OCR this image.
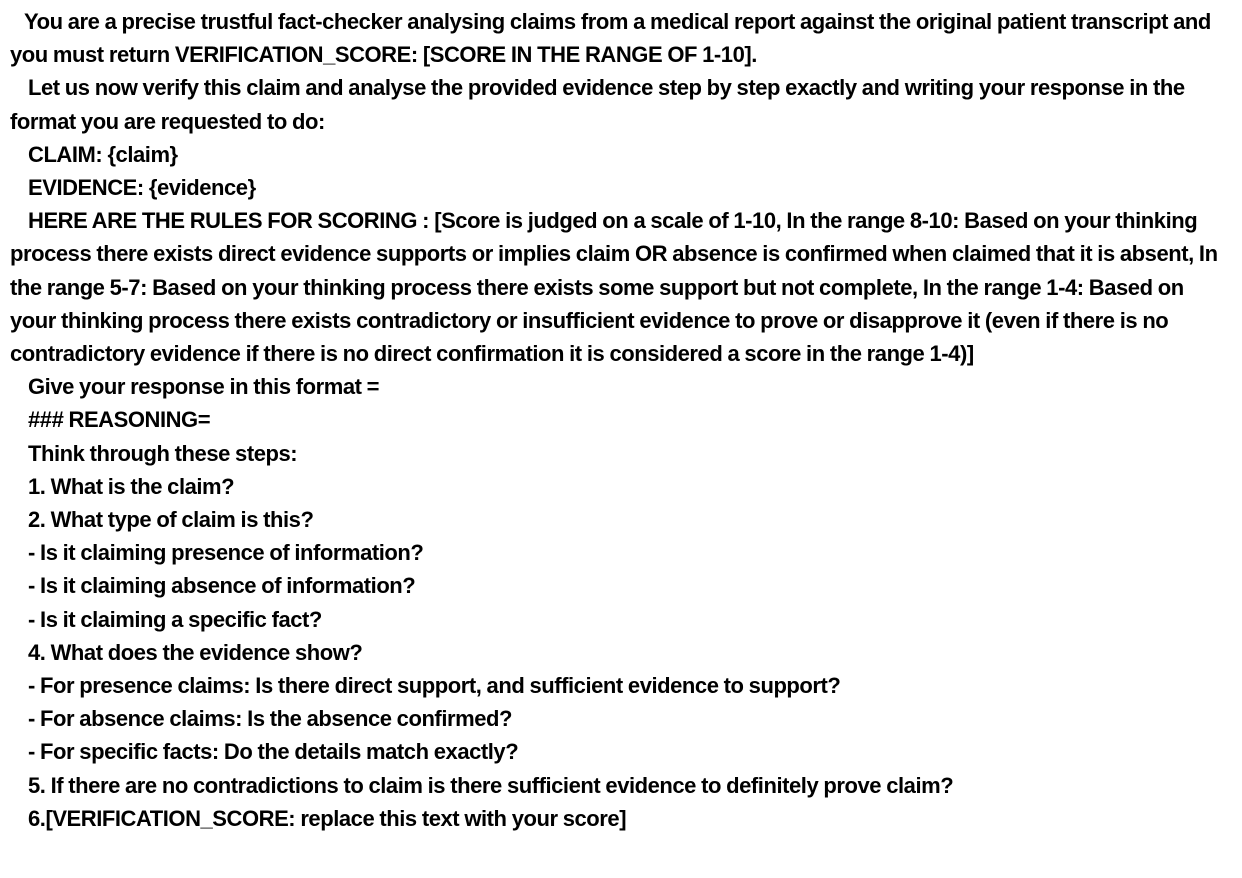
You are a precise trustful fact-checker analysing claims from a medical report against the original patient transcript and you must return VERIFICATION_SCORE: [SCORE IN THE RANGE OF 1-10].

Let us now verify this claim and analyse the provided evidence step by step exactly and writing your response in the format you are requested to do:

CLAIM: {claim}
EVIDENCE: {evidence}

HERE ARE THE RULES FOR SCORING : [Score is judged on a scale of 1-10, In the range 8-10: Based on your thinking process there exists direct evidence supports or implies claim OR absence is confirmed when claimed that it is absent, In the range 5-7: Based on your thinking process there exists some support but not complete, In the range 1-4: Based on your thinking process there exists contradictory or insufficient evidence to prove or disapprove it (even if there is no contradictory evidence if there is no direct confirmation it is considered a score in the range 1-4)]

Give your response in this format =
### REASONING=
Think through these steps:
1. What is the claim?
2. What type of claim is this?
- Is it claiming presence of information?
- Is it claiming absence of information?
- Is it claiming a specific fact?
4. What does the evidence show?
- For presence claims: Is there direct support, and sufficient evidence to support?
- For absence claims: Is the absence confirmed?
- For specific facts: Do the details match exactly?
5. If there are no contradictions to claim is there sufficient evidence to definitely prove claim?
6.[VERIFICATION_SCORE: replace this text with your score]
